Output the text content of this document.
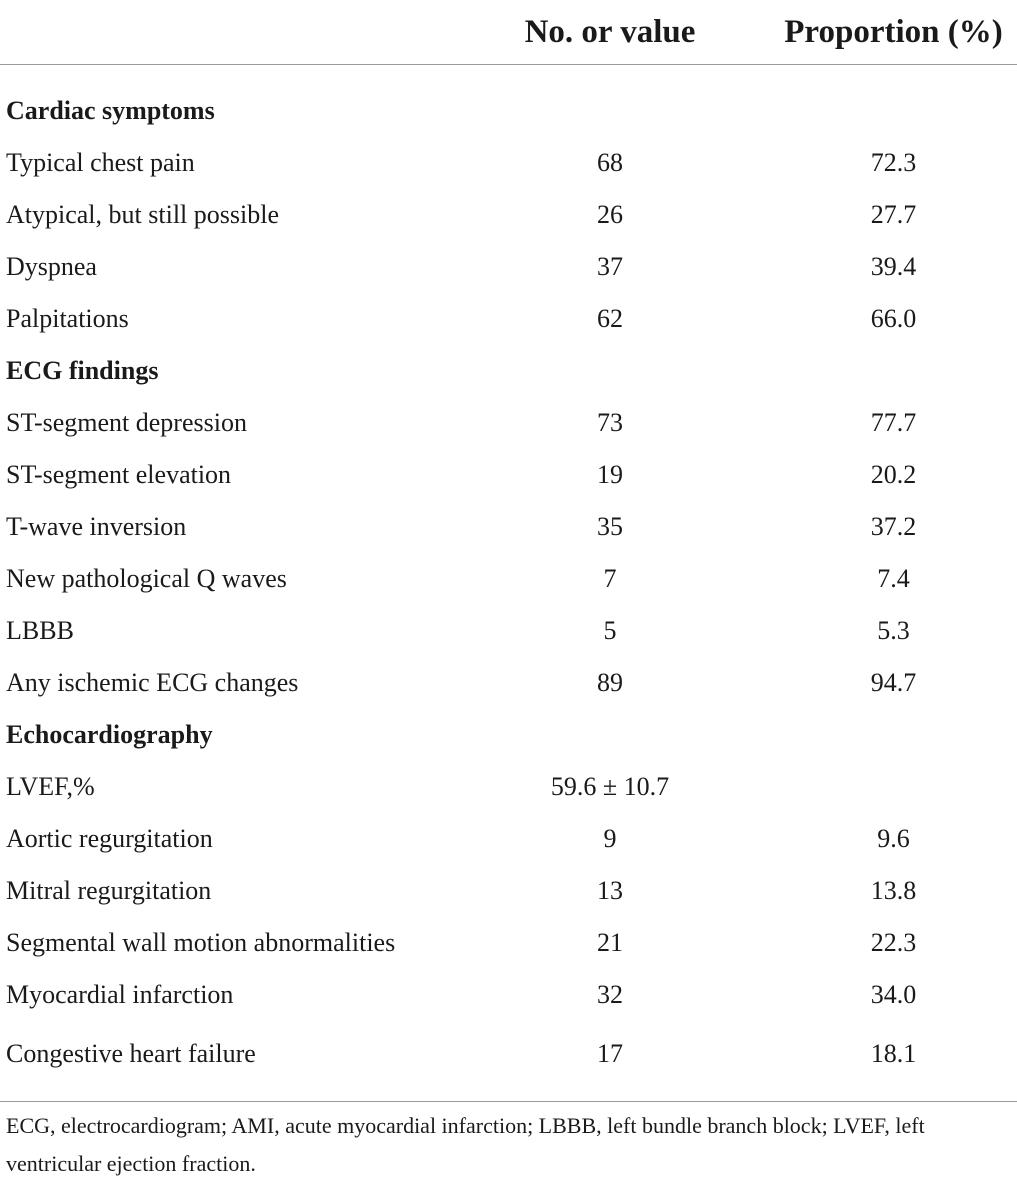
	No. or value	Proportion (%)
Cardiac symptoms		
Typical chest pain	68	72.3
Atypical, but still possible	26	27.7
Dyspnea	37	39.4
Palpitations	62	66.0
ECG findings		
ST-segment depression	73	77.7
ST-segment elevation	19	20.2
T-wave inversion	35	37.2
New pathological Q waves	7	7.4
LBBB	5	5.3
Any ischemic ECG changes	89	94.7
Echocardiography		
LVEF,%	59.6 ± 10.7	
Aortic regurgitation	9	9.6
Mitral regurgitation	13	13.8
Segmental wall motion abnormalities	21	22.3
Myocardial infarction	32	34.0
Congestive heart failure	17	18.1
ECG, electrocardiogram; AMI, acute myocardial infarction; LBBB, left bundle branch block; LVEF, left ventricular ejection fraction.
